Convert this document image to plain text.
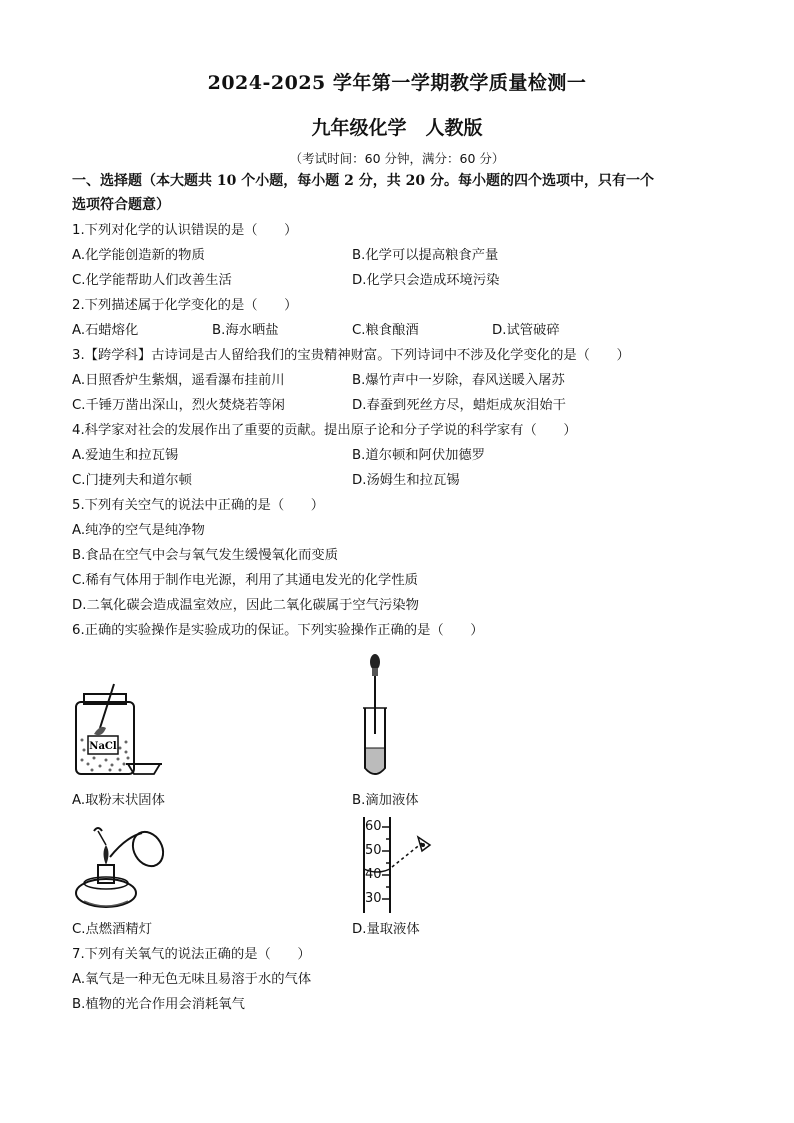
2024-2025 学年第一学期教学质量检测一
九年级化学　人教版
（考试时间：60 分钟，满分：60 分）
一、选择题（本大题共 10 个小题，每小题 2 分，共 20 分。每小题的四个选项中，只有一个
选项符合题意）
1.下列对化学的认识错误的是（　　）
A.化学能创造新的物质	B.化学可以提高粮食产量
C.化学能帮助人们改善生活	D.化学只会造成环境污染
2.下列描述属于化学变化的是（　　）
A.石蜡熔化	B.海水晒盐	C.粮食酿酒	D.试管破碎
3.【跨学科】古诗词是古人留给我们的宝贵精神财富。下列诗词中不涉及化学变化的是（　　）
A.日照香炉生紫烟，遥看瀑布挂前川	B.爆竹声中一岁除，春风送暖入屠苏
C.千锤万凿出深山，烈火焚烧若等闲	D.春蚕到死丝方尽，蜡炬成灰泪始干
4.科学家对社会的发展作出了重要的贡献。提出原子论和分子学说的科学家有（　　）
A.爱迪生和拉瓦锡	B.道尔顿和阿伏加德罗
C.门捷列夫和道尔顿	D.汤姆生和拉瓦锡
5.下列有关空气的说法中正确的是（　　）
A.纯净的空气是纯净物
B.食品在空气中会与氧气发生缓慢氧化而变质
C.稀有气体用于制作电光源，利用了其通电发光的化学性质
D.二氧化碳会造成温室效应，因此二氧化碳属于空气污染物
6.正确的实验操作是实验成功的保证。下列实验操作正确的是（　　）
NaCl
A.取粉末状固体	B.滴加液体
C.点燃酒精灯
60
50
40
30
D.量取液体
7.下列有关氧气的说法正确的是（　　）
A.氧气是一种无色无味且易溶于水的气体
B.植物的光合作用会消耗氧气
